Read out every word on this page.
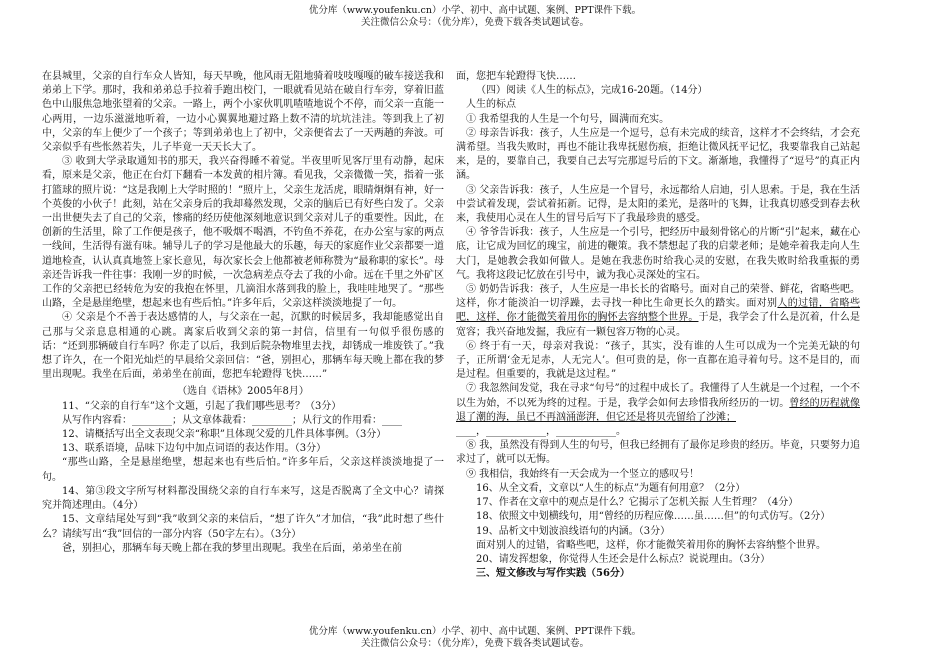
优分库（www.youfenku.cn）小学、初中、高中试题、案例、PPT课件下载。
关注微信公众号：（优分库），免费下载各类试题试卷。

在县城里，父亲的自行车众人皆知，每天早晚，他风雨无阻地骑着吱吱嘎嘎的破车接送我和弟弟上下学。那时，我和弟弟总手拉着手跑出校门，一眼就看见站在破自行车旁，穿着旧蓝色中山服焦急地张望着的父亲。一路上，两个小家伙叽叽喳喳地说个不停，而父亲一直能一心两用，一边乐滋滋地听着，一边小心翼翼地避过路上数不清的坑坑洼洼。等到我上了初中，父亲的车上便少了一个孩子；等到弟弟也上了初中，父亲便省去了一天两趟的奔波。可父亲似乎有些怅然若失，儿子毕竟一天天长大了。

③ 收到大学录取通知书的那天，我兴奋得睡不着觉。半夜里听见客厅里有动静，起床看，原来是父亲，他正在台灯下翻看一本发黄的相片簿。看见我，父亲微微一笑，指着一张打篮球的照片说：“这是我刚上大学时照的！”照片上，父亲生龙活虎，眼睛炯炯有神，好一个英俊的小伙子！此刻，站在父亲身后的我却蓦然发现，父亲的脑后已有好些白发了。父亲一出世便失去了自己的父亲，惨痛的经历使他深刻地意识到父亲对儿子的重要性。因此，在创新的生活里，除了工作便是孩子，他不吸烟不喝酒，不钓鱼不养花，在办公室与家的两点一线间，生活得有滋有味。辅导儿子的学习是他最大的乐趣，每天的家庭作业父亲都要一道道地检查，认认真真地签上家长意见，每次家长会上他都被老师称赞为“最称职的家长”。母亲还告诉我一件往事：我刚一岁的时候，一次急病差点夺去了我的小命。远在千里之外矿区工作的父亲把已经转危为安的我抱在怀里，几滴泪水落到我的脸上，我哇哇地哭了。“那些山路，全是悬崖绝壁，想起来也有些后怕。”许多年后，父亲这样淡淡地提了一句。

④ 父亲是个不善于表达感情的人，与父亲在一起，沉默的时候居多，我却能感觉出自己那与父亲息息相通的心跳。离家后收到父亲的第一封信，信里有一句似乎很伤感的话：“还到那辆破自行车吗？你走了以后，我到后院杂物堆里去找，却锈成一堆废铁了。”我想了许久，在一个阳光灿烂的早晨给父亲回信：“爸，别担心，那辆车每天晚上都在我的梦里出现呢。我坐在后面，弟弟坐在前面，您把车轮蹬得飞快……”

（选自《语林》2005年8月）

11、“父亲的自行车”这个文题，引起了我们哪些思考？（3分）

从写作内容看：________；从文章体裁看：________；从行文的作用看：____

12、请概括写出全文表现父亲“称职”且体现父爱的几件具体事例。（3分）

13、联系语境，品味下边句中加点词语的表达作用。（3分）

“那些山路，全是悬崖绝壁，想起来也有些后怕。”许多年后，父亲这样淡淡地提了一句。

14、第③段文字所写材料都没围绕父亲的自行车来写，这是否脱离了全文中心？请探究并简述理由。（4分）

15、文章结尾处写到“我”收到父亲的来信后，“想了许久”才加信，“我”此时想了些什么？请续写出“我”回信的一部分内容（50字左右）。（3分）

爸，别担心，那辆车每天晚上都在我的梦里出现呢。我坐在后面，弟弟坐在前

面，您把车轮蹬得飞快……

（四）阅读《人生的标点》，完成16-20题。（14分）

人生的标点

① 我希望我的人生是一个句号，圆满而充实。

② 母亲告诉我：孩子，人生应是一个逗号，总有未完成的续音，这样才不会终结，才会充满希望。当我失败时，再也不能让我卑抚慰伤痕，拒绝让微风抚平记忆，我要靠我自己站起来，是的，要靠自己，我要自己去写完那逗号后的下文。渐渐地，我懂得了“逗号”的真正内涵。

③ 父亲告诉我：孩子，人生应是一个冒号，永远都给人启迪，引人思索。于是，我在生活中尝试着发现，尝试着拓新。记得，是太阳的柔光，是落叶的飞舞，让我真切感受到春去秋来，我使用心灵在人生的冒号后写下了我最珍贵的感受。

④ 爷爷告诉我：孩子，人生应是一个引号，把经历中最刻骨铭心的片断“引”起来，藏在心底，让它成为回忆的瑰宝，前进的鞭策。我不禁想起了我的启蒙老师；是她牵着我走向人生大门，是她教会我如何做人。是她在我悲伤时给我心灵的安慰，在我失败时给我重振的勇气。我将这段记忆放在引号中，诚为我心灵深处的宝石。

⑤ 奶奶告诉我：孩子，人生应是一串长长的省略号。面对自己的荣誉、鲜花，省略些吧。这样，你才能淡泊一切浮躁，去寻找一种比生命更长久的踏实。面对别人的过错，省略些吧，这样，你才能微笑着用你的胸怀去容纳整个世界。于是，我学会了什么是沉着，什么是宽容；我兴奋地发掘，我应有一颗包容万物的心灵。

⑥ 终于有一天，母亲对我说：“孩子，其实，没有谁的人生可以成为一个完美无缺的句子，正所谓‘金无足赤，人无完人’。但可贵的是，你一直都在追寻着句号。这不是目的，而是过程。但重要的，我就是这过程。”

⑦ 我忽然间发觉，我在寻求“句号”的过程中成长了。我懂得了人生就是一个过程，一个不以生为始，不以死为终的过程。于是，我学会如何去珍惜我所经历的一切。曾经的历程就像退了潮的海，虽已不再汹涌澎湃，但它还是将贝壳留给了沙滩；

____，____________，____________。

⑧ 我，虽然没有得到人生的句号，但我已经拥有了最你足珍贵的经历。毕竟，只要努力追求过了，就可以无悔。

⑨ 我相信，我始终有一天会成为一个竖立的感叹号！

16、从全文看，文章以“人生的标点”为题有何用意？（2分）

17、作者在文章中的观点是什么？它揭示了怎机关振 人生哲理？（4分）

18、依照文中划横线句，用“曾经的历程应像……虽……但”的句式仿写。（2分）

19、品析文中划波浪线语句的内涵。（3分）

面对别人的过错，省略些吧，这样，你才能微笑着用你的胸怀去容纳整个世界。

20、请发挥想象，你觉得人生还会是什么标点？说说理由。（3分）

三、短文修改与写作实践（56分）

优分库（www.youfenku.cn）小学、初中、高中试题、案例、PPT课件下载。
关注微信公众号：（优分库），免费下载各类试题试卷。
